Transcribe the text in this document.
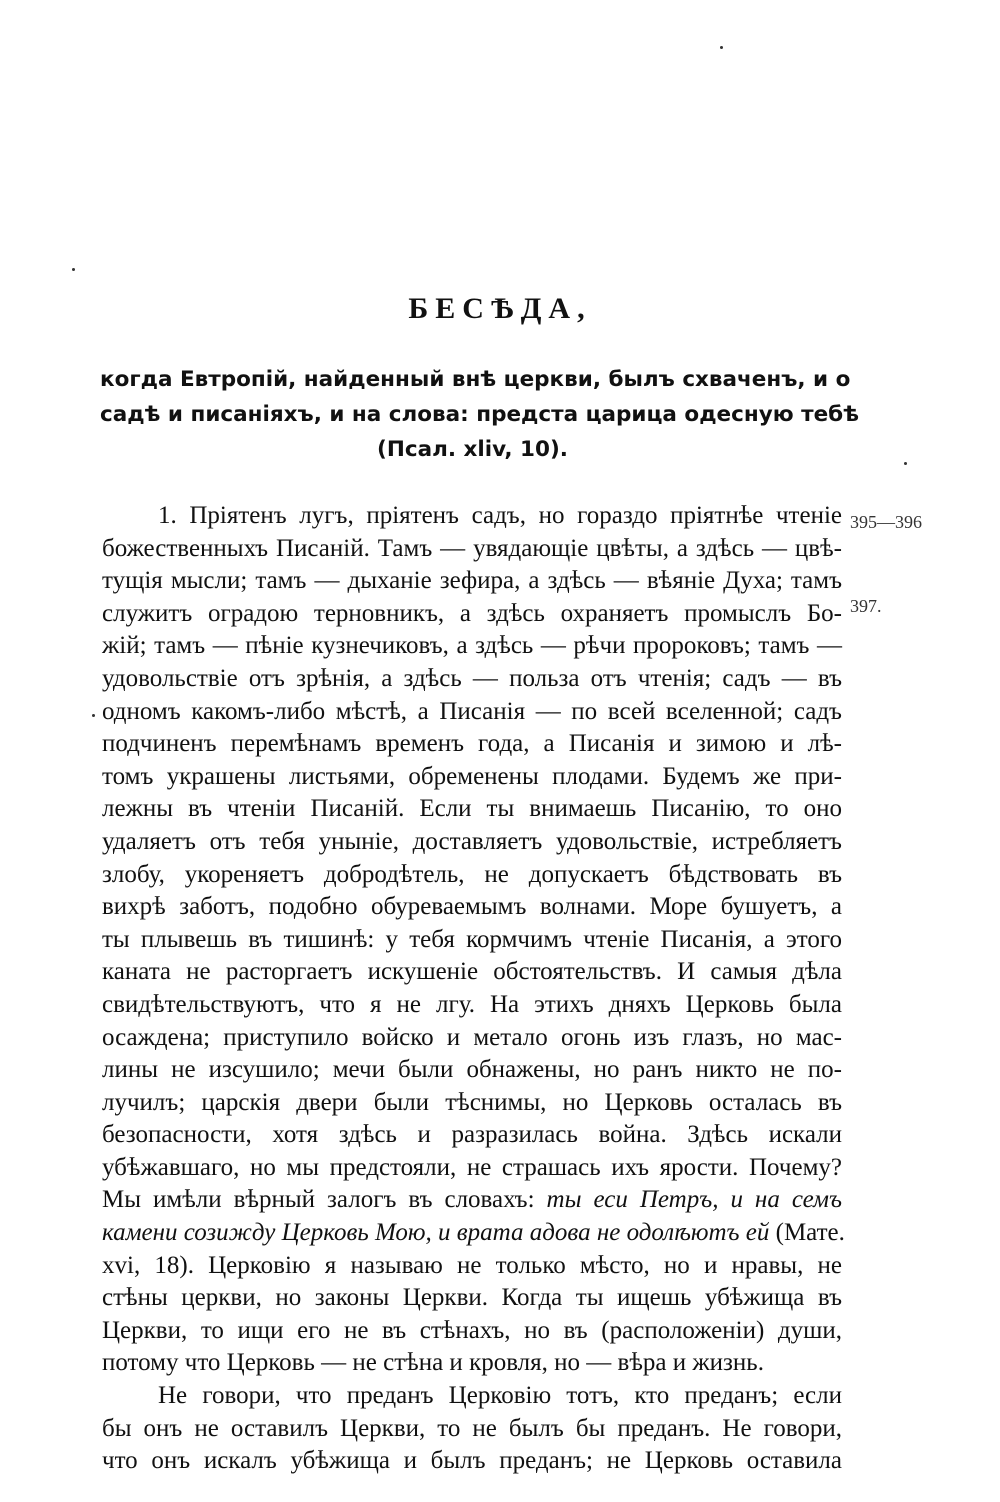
БЕСѢДА,
когда Евтропій, найденный внѣ церкви, былъ схваченъ, и о
садѣ и писаніяхъ, и на слова: предста царица одесную тебѣ
(Псал. xliv, 10).
395—396
397.
1. Пріятенъ лугъ, пріятенъ садъ, но гораздо пріятнѣе чтеніе
божественныхъ Писаній. Тамъ — увядающіе цвѣты, а здѣсь — цвѣ-
тущія мысли; тамъ — дыханіе зефира, а здѣсь — вѣяніе Духа; тамъ
служитъ оградою терновникъ, а здѣсь охраняетъ промыслъ Бо-
жій; тамъ — пѣніе кузнечиковъ, а здѣсь — рѣчи пророковъ; тамъ —
удовольствіе отъ зрѣнія, а здѣсь — польза отъ чтенія; садъ — въ
одномъ какомъ-либо мѣстѣ, а Писанія — по всей вселенной; садъ
подчиненъ перемѣнамъ временъ года, а Писанія и зимою и лѣ-
томъ украшены листьями, обременены плодами. Будемъ же при-
лежны въ чтеніи Писаній. Если ты внимаешь Писанію, то оно
удаляетъ отъ тебя уныніе, доставляетъ удовольствіе, истребляетъ
злобу, укореняетъ добродѣтель, не допускаетъ бѣдствовать въ
вихрѣ заботъ, подобно обуреваемымъ волнами. Море бушуетъ, а
ты плывешь въ тишинѣ: у тебя кормчимъ чтеніе Писанія, а этого
каната не расторгаетъ искушеніе обстоятельствъ. И самыя дѣла
свидѣтельствуютъ, что я не лгу. На этихъ дняхъ Церковь была
осаждена; приступило войско и метало огонь изъ глазъ, но мас-
лины не изсушило; мечи были обнажены, но ранъ никто не по-
лучилъ; царскія двери были тѣснимы, но Церковь осталась въ
безопасности, хотя здѣсь и разразилась война. Здѣсь искали
убѣжавшаго, но мы предстояли, не страшась ихъ ярости. Почему?
Мы имѣли вѣрный залогъ въ словахъ: ты еси Петръ, и на семъ
камени созижду Церковь Мою, и врата адова не одолѣютъ ей (Мате.
xvi, 18). Церковію я называю не только мѣсто, но и нравы, не
стѣны церкви, но законы Церкви. Когда ты ищешь убѣжища въ
Церкви, то ищи его не въ стѣнахъ, но въ (расположеніи) души,
потому что Церковь — не стѣна и кровля, но — вѣра и жизнь.
Не говори, что преданъ Церковію тотъ, кто преданъ; если
бы онъ не оставилъ Церкви, то не былъ бы преданъ. Не говори,
что онъ искалъ убѣжища и былъ преданъ; не Церковь оставила
